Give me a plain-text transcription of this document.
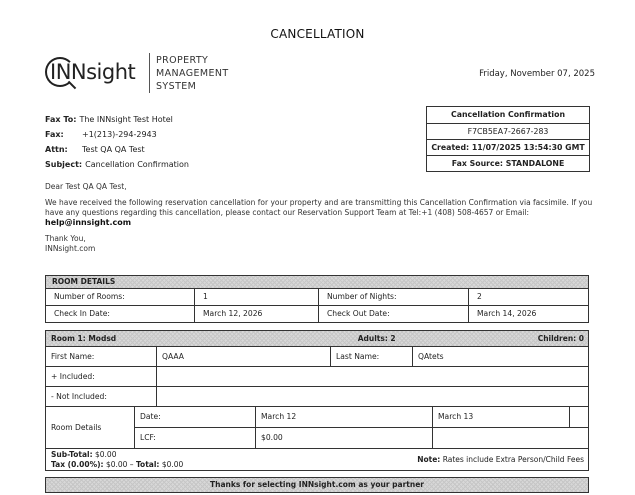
CANCELLATION
INNsight PROPERTY
MANAGEMENT
SYSTEM
Friday, November 07, 2025
Fax To: The INNsight Test Hotel
Fax:	+1(213)-294-2943
Attn:	Test QA QA Test
Subject: Cancellation Confirmation
Cancellation Confirmation
F7CB5EA7-2667-283
Created: 11/07/2025 13:54:30 GMT
Fax Source: STANDALONE

Dear Test QA QA Test,

We have received the following reservation cancellation for your property and are transmitting this Cancellation Confirmation via facsimile. If you have any questions regarding this cancellation, please contact our Reservation Support Team at Tel:+1 (408) 508-4657 or Email:

help@innsight.com

Thank You,
INNsight.com
ROOM DETAILS
Number of Rooms:	1	Number of Nights:	2
Check In Date:	March 12, 2026	Check Out Date:	March 14, 2026
Room 1: Modsd	Adults: 2	Children: 0
First Name:	QAAA	Last Name:	QAtets
+ Included:
- Not Included:
Room Details
Date:	March 12	March 13
LCF:	$0.00
Sub-Total: $0.00
Tax (0.00%): $0.00 – Total: $0.00
Note: Rates include Extra Person/Child Fees
Thanks for selecting INNsight.com as your partner
